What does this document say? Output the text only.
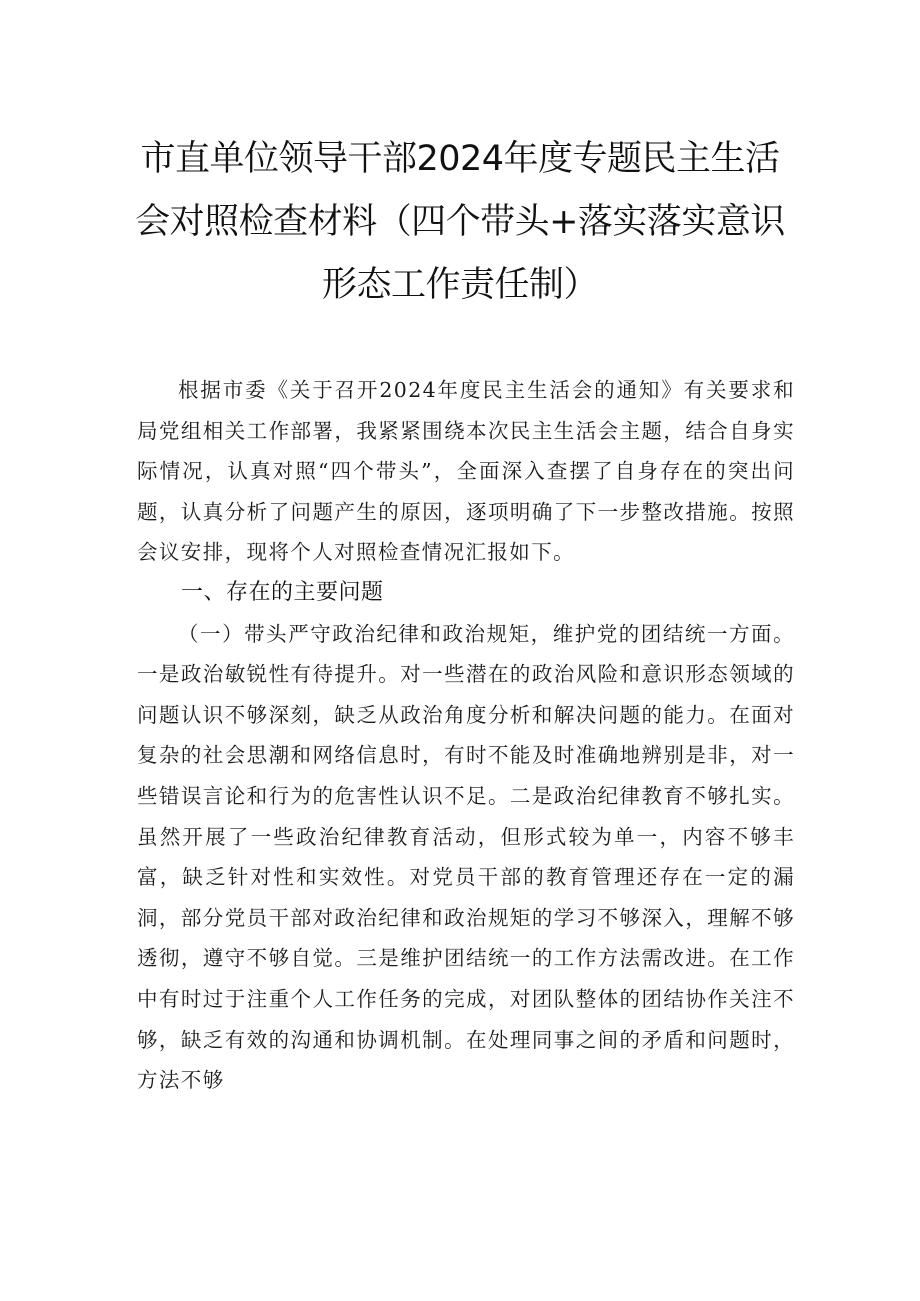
市直单位领导干部2024年度专题民主生活
会对照检查材料（四个带头+落实落实意识
形态工作责任制）

根据市委《关于召开2024年度民主生活会的通知》有关要求和局党组相关工作部署，我紧紧围绕本次民主生活会主题，结合自身实际情况，认真对照“四个带头”，全面深入查摆了自身存在的突出问题，认真分析了问题产生的原因，逐项明确了下一步整改措施。按照会议安排，现将个人对照检查情况汇报如下。

一、存在的主要问题

（一）带头严守政治纪律和政治规矩，维护党的团结统一方面。一是政治敏锐性有待提升。对一些潜在的政治风险和意识形态领域的问题认识不够深刻，缺乏从政治角度分析和解决问题的能力。在面对复杂的社会思潮和网络信息时，有时不能及时准确地辨别是非，对一些错误言论和行为的危害性认识不足。二是政治纪律教育不够扎实。虽然开展了一些政治纪律教育活动，但形式较为单一，内容不够丰富，缺乏针对性和实效性。对党员干部的教育管理还存在一定的漏洞，部分党员干部对政治纪律和政治规矩的学习不够深入，理解不够透彻，遵守不够自觉。三是维护团结统一的工作方法需改进。在工作中有时过于注重个人工作任务的完成，对团队整体的团结协作关注不够，缺乏有效的沟通和协调机制。在处理同事之间的矛盾和问题时，方法不够
